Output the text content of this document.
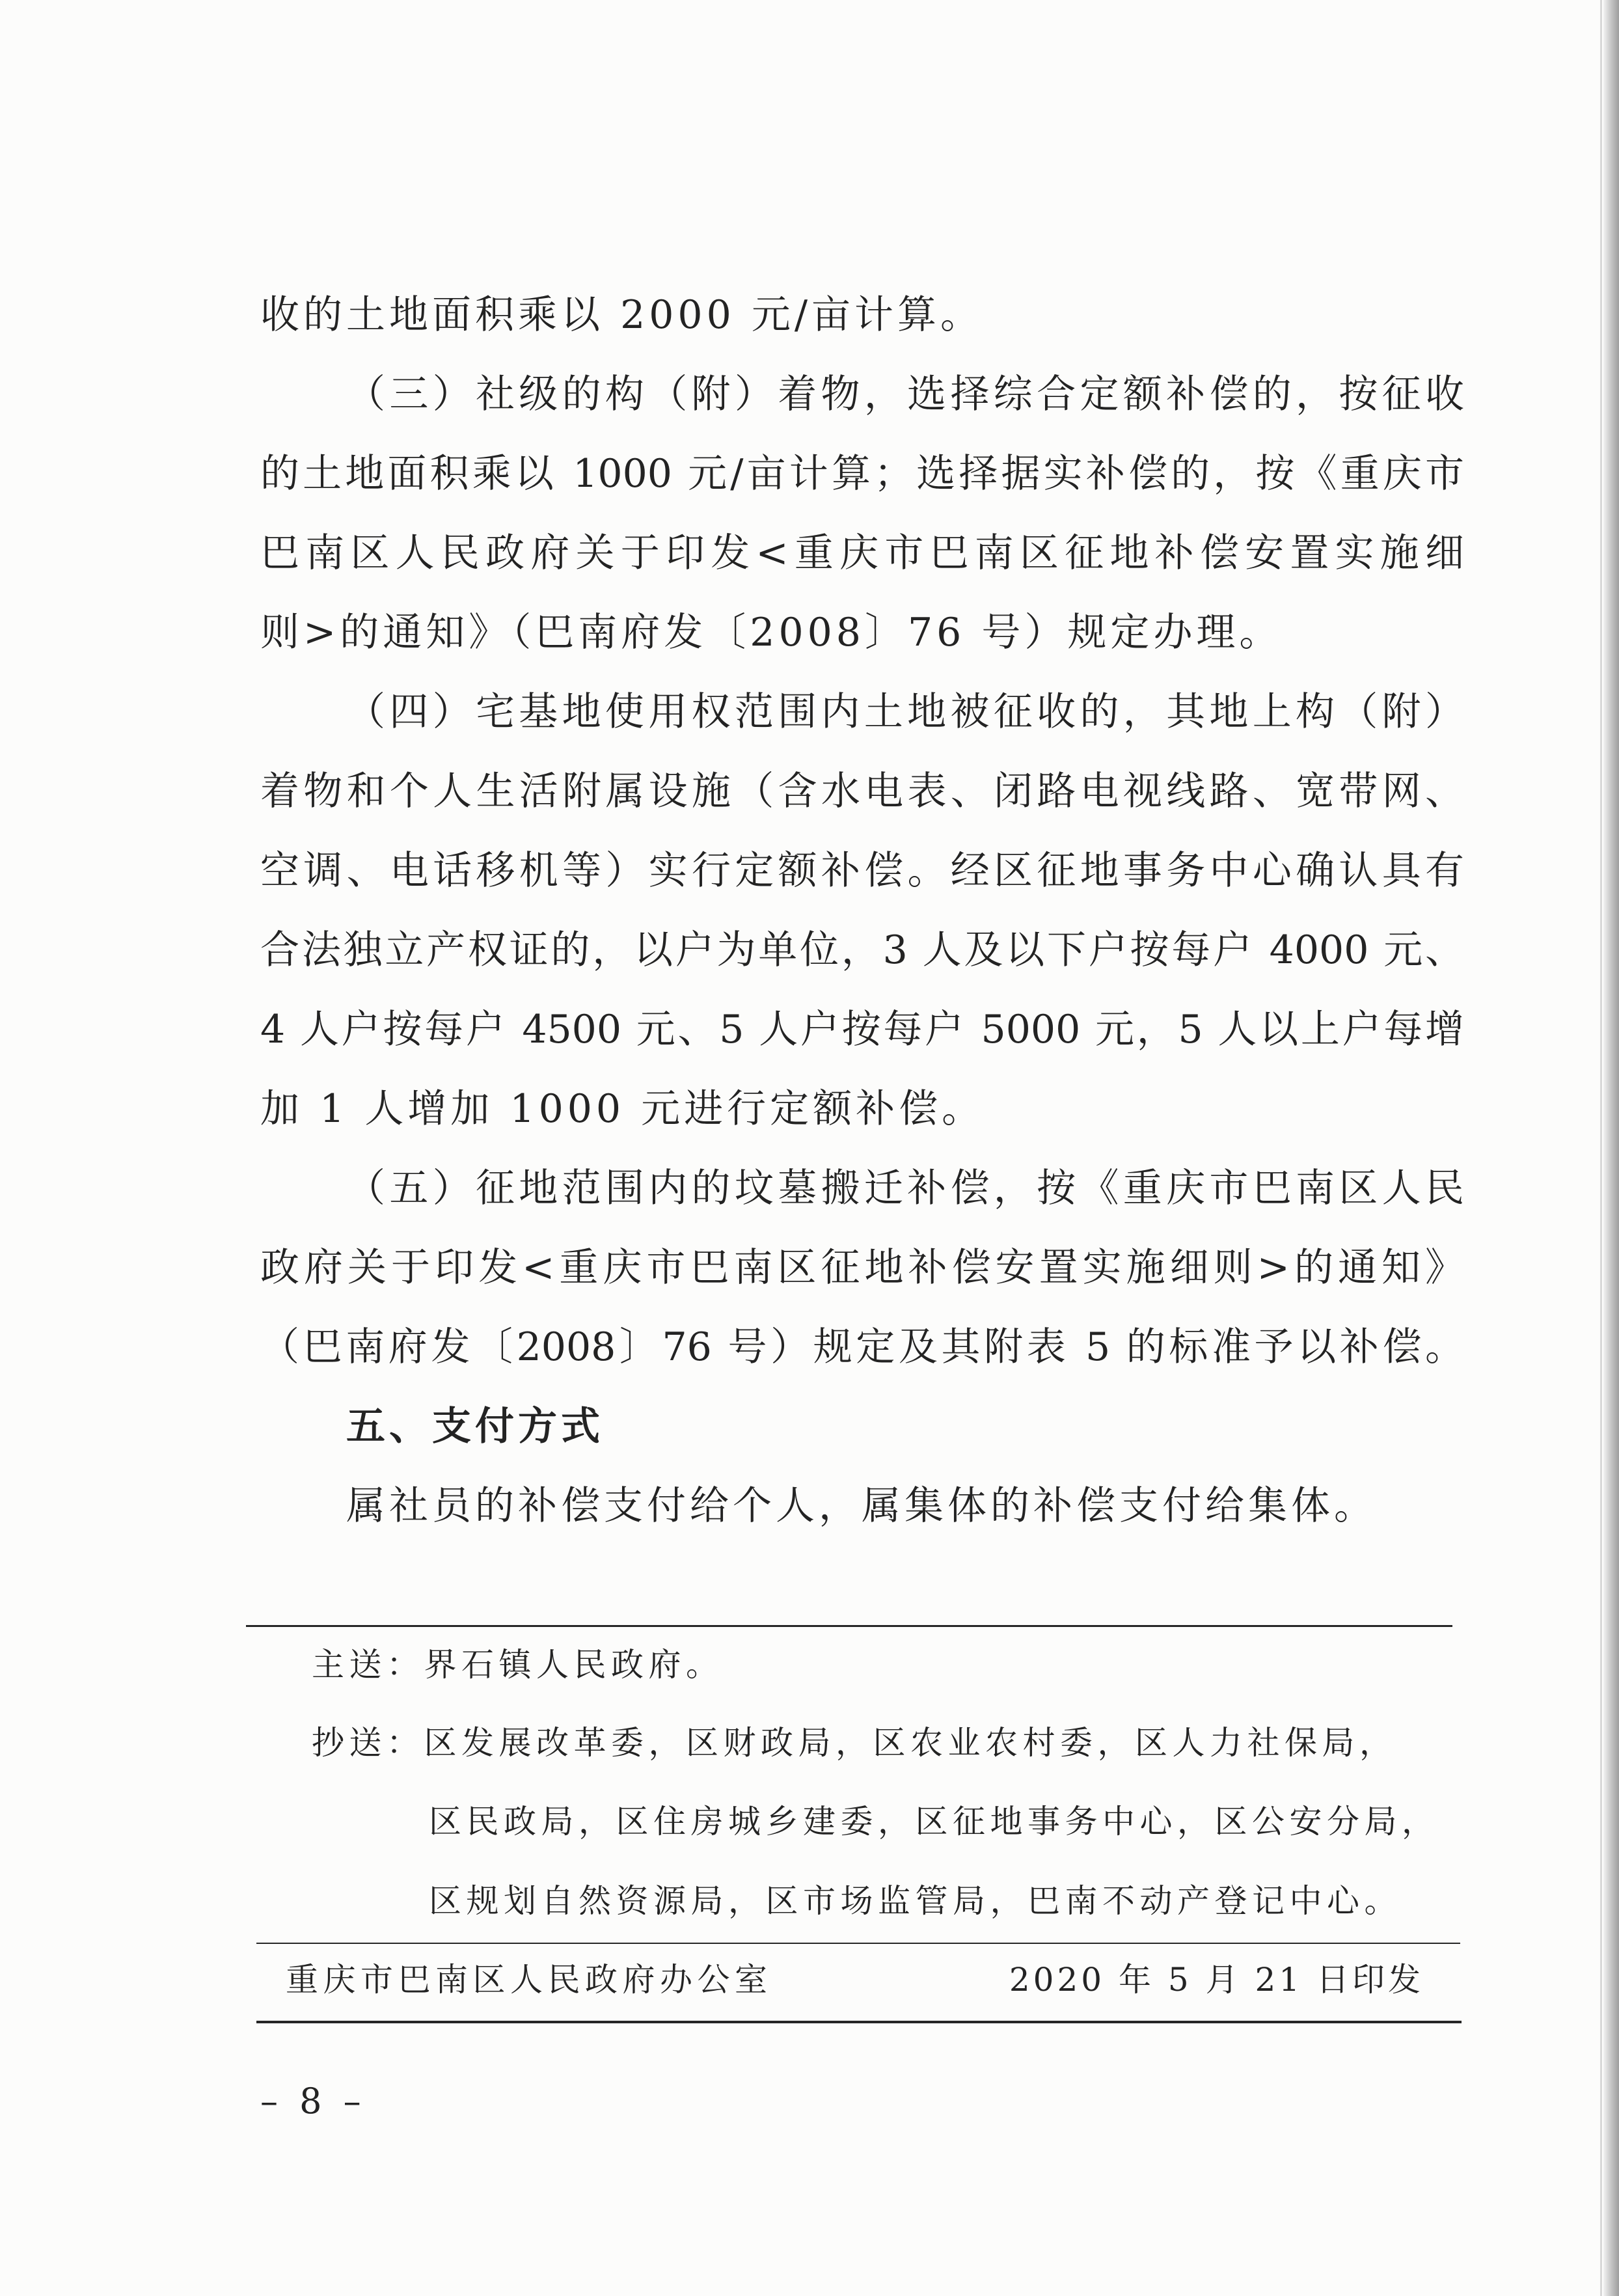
收的土地面积乘以 2000 元/亩计算。
（三）社级的构（附）着物，选择综合定额补偿的，按征收
的土地面积乘以 1000 元/亩计算；选择据实补偿的，按《重庆市
巴南区人民政府关于印发<重庆市巴南区征地补偿安置实施细
则>的通知》（巴南府发〔2008〕76 号）规定办理。
（四）宅基地使用权范围内土地被征收的，其地上构（附）
着物和个人生活附属设施（含水电表、闭路电视线路、宽带网、
空调、电话移机等）实行定额补偿。经区征地事务中心确认具有
合法独立产权证的，以户为单位，3 人及以下户按每户 4000 元、
4 人户按每户 4500 元、5 人户按每户 5000 元，5 人以上户每增
加 1 人增加 1000 元进行定额补偿。
（五）征地范围内的坟墓搬迁补偿，按《重庆市巴南区人民
政府关于印发<重庆市巴南区征地补偿安置实施细则>的通知》
（巴南府发〔2008〕76 号）规定及其附表 5 的标准予以补偿。
五、支付方式
属社员的补偿支付给个人，属集体的补偿支付给集体。
主送：界石镇人民政府。
抄送：区发展改革委，区财政局，区农业农村委，区人力社保局，
区民政局，区住房城乡建委，区征地事务中心，区公安分局，
区规划自然资源局，区市场监管局，巴南不动产登记中心。
重庆市巴南区人民政府办公室	2020 年 5 月 21 日印发
– 8 –
